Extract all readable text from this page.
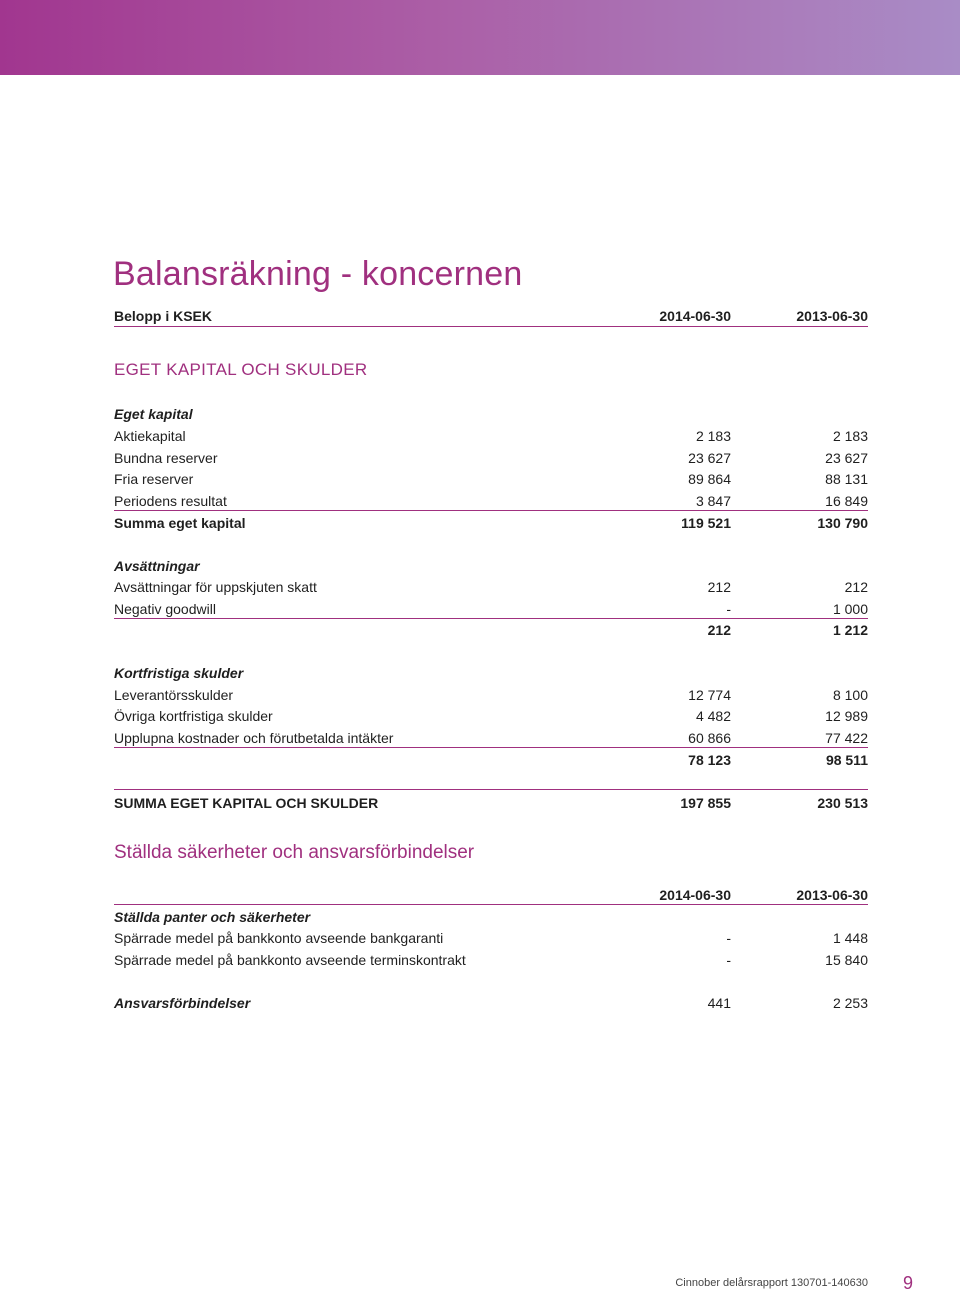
Balansräkning - koncernen
Belopp i KSEK	2014-06-30	2013-06-30
EGET KAPITAL OCH SKULDER
Eget kapital
Aktiekapital	2 183	2 183
Bundna reserver	23 627	23 627
Fria reserver	89 864	88 131
Periodens resultat	3 847	16 849
Summa eget kapital	119 521	130 790
Avsättningar
Avsättningar för uppskjuten skatt	212	212
Negativ goodwill	-	1 000
212	1 212
Kortfristiga skulder
Leverantörsskulder	12 774	8 100
Övriga kortfristiga skulder	4 482	12 989
Upplupna kostnader och förutbetalda intäkter	60 866	77 422
78 123	98 511
SUMMA EGET KAPITAL OCH SKULDER	197 855	230 513
Ställda säkerheter och ansvarsförbindelser
2014-06-30	2013-06-30
Ställda panter och säkerheter
Spärrade medel på bankkonto avseende bankgaranti	-	1 448
Spärrade medel på bankkonto avseende terminskontrakt	-	15 840
Ansvarsförbindelser	441	2 253
Cinnober delårsrapport 130701-140630 9
